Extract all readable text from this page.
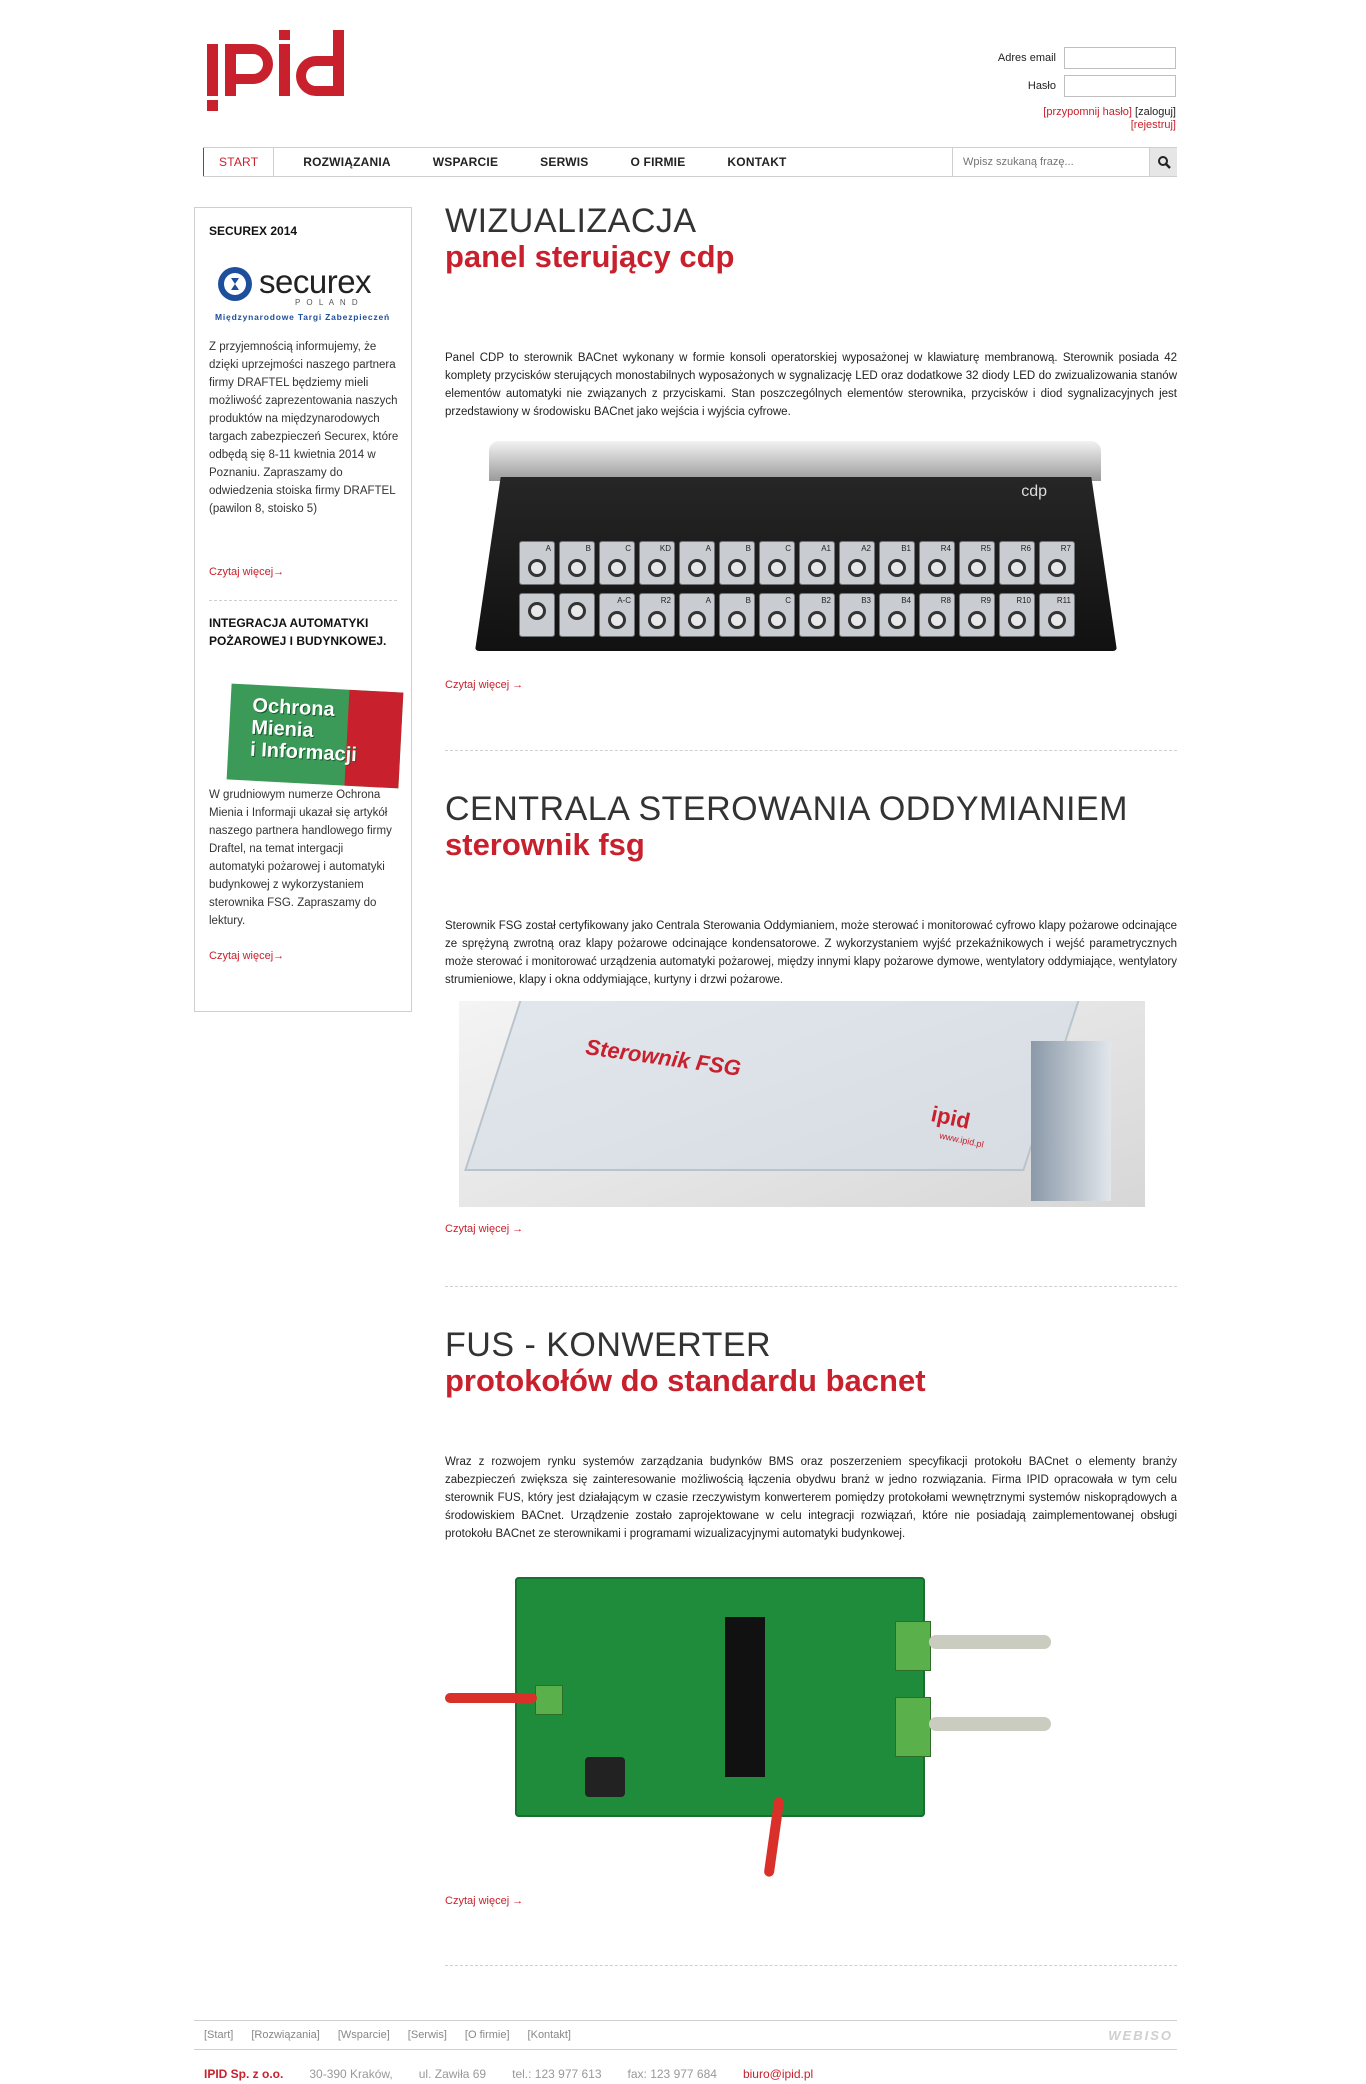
Adres email
Hasło
[przypomnij hasło] [zaloguj]
[rejestruj]
START	ROZWIĄZANIA	WSPARCIE	SERWIS	O FIRMIE	KONTAKT
Wpisz szukaną frazę...
SECUREX 2014
securex
P O L A N D
Międzynarodowe Targi Zabezpieczeń

Z przyjemnością informujemy, że dzięki uprzejmości naszego partnera firmy DRAFTEL będziemy mieli możliwość zaprezentowania naszych produktów na międzynarodowych targach zabezpieczeń Securex, które odbędą się 8-11 kwietnia 2014 w Poznaniu. Zapraszamy do odwiedzenia stoiska firmy DRAFTEL (pawilon 8, stoisko 5)

Czytaj więcej→
INTEGRACJA AUTOMATYKI POŻAROWEJ I BUDYNKOWEJ.
Ochrona
Mienia
i Informacji

W grudniowym numerze Ochrona Mienia i Informaji ukazał się artykół naszego partnera handlowego firmy Draftel, na temat intergacji automatyki pożarowej i automatyki budynkowej z wykorzystaniem sterownika FSG. Zapraszamy do lektury.

Czytaj więcej→
WIZUALIZACJA
panel sterujący cdp

Panel CDP to sterownik BACnet wykonany w formie konsoli operatorskiej wyposażonej w klawiaturę membranową. Sterownik posiada 42 komplety przycisków sterujących monostabilnych wyposażonych w sygnalizację LED oraz dodatkowe 32 diody LED do zwizualizowania stanów elementów automatyki nie związanych z przyciskami. Stan poszczególnych elementów sterownika, przycisków i diod sygnalizacyjnych jest przedstawiony w środowisku BACnet jako wejścia i wyjścia cyfrowe.

cdp
A	B	C	KD	A	B	C	A1	A2	B1	R4	R5	R6	R7
A-C	R2	A	B	C	B2	B3	B4	R8	R9	R10	R11
Czytaj więcej →
CENTRALA STEROWANIA ODDYMIANIEM
sterownik fsg

Sterownik FSG został certyfikowany jako Centrala Sterowania Oddymianiem, może sterować i monitorować cyfrowo klapy pożarowe odcinające ze sprężyną zwrotną oraz klapy pożarowe odcinające kondensatorowe. Z wykorzystaniem wyjść przekaźnikowych i wejść parametrycznych może sterować i monitorować urządzenia automatyki pożarowej, między innymi klapy pożarowe dymowe, wentylatory oddymiające, wentylatory strumieniowe, klapy i okna oddymiające, kurtyny i drzwi pożarowe.

Sterownik FSG
ipid
www.ipid.pl
Czytaj więcej →
FUS - KONWERTER
protokołów do standardu bacnet

Wraz z rozwojem rynku systemów zarządzania budynków BMS oraz poszerzeniem specyfikacji protokołu BACnet o elementy branży zabezpieczeń zwiększa się zainteresowanie możliwością łączenia obydwu branż w jedno rozwiązania. Firma IPID opracowała w tym celu sterownik FUS, który jest działającym w czasie rzeczywistym konwerterem pomiędzy protokołami wewnętrznymi systemów niskoprądowych a środowiskiem BACnet. Urządzenie zostało zaprojektowane w celu integracji rozwiązań, które nie posiadają zaimplementowanej obsługi protokołu BACnet ze sterownikami i programami wizualizacyjnymi automatyki budynkowej.

Czytaj więcej →
[Start] [Rozwiązania] [Wsparcie] [Serwis] [O firmie] [Kontakt]	WEBISO
IPID Sp. z o.o. 30-390 Kraków, ul. Zawiła 69 tel.: 123 977 613 fax: 123 977 684 biuro@ipid.pl
